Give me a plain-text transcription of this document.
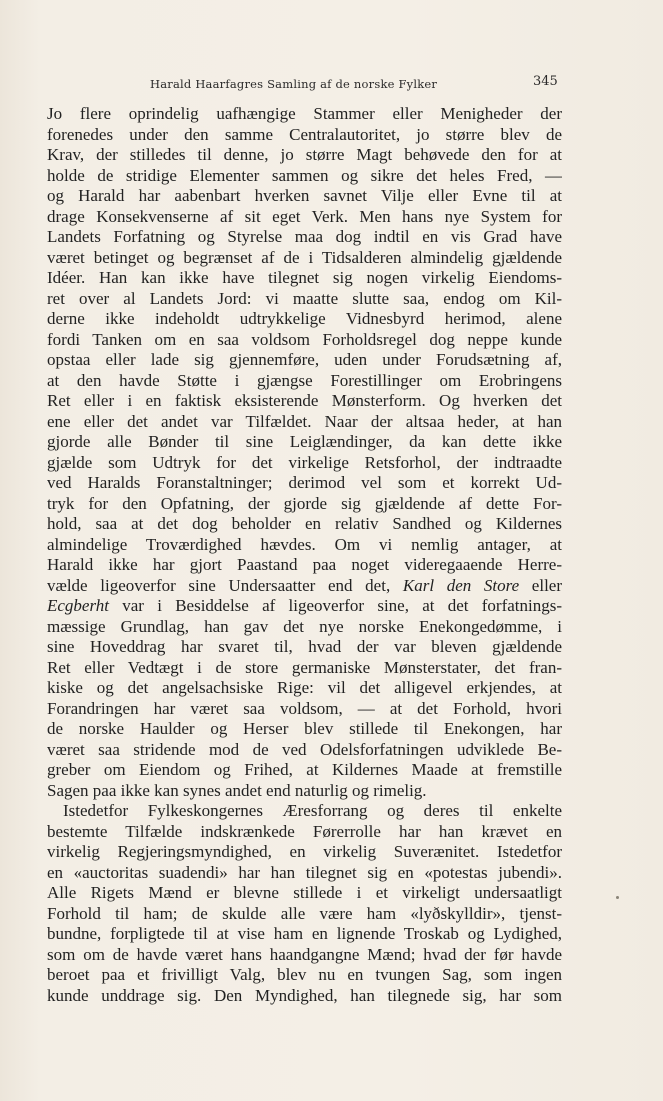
Harald Haarfagres Samling af de norske Fylker	345
Jo flere oprindelig uafhængige Stammer eller Menigheder der
forenedes under den samme Centralautoritet, jo større blev de
Krav, der stilledes til denne, jo større Magt behøvede den for at
holde de stridige Elementer sammen og sikre det heles Fred, —
og Harald har aabenbart hverken savnet Vilje eller Evne til at
drage Konsekvenserne af sit eget Verk. Men hans nye System for
Landets Forfatning og Styrelse maa dog indtil en vis Grad have
været betinget og begrænset af de i Tidsalderen almindelig gjældende
Idéer. Han kan ikke have tilegnet sig nogen virkelig Eiendoms-
ret over al Landets Jord: vi maatte slutte saa, endog om Kil-
derne ikke indeholdt udtrykkelige Vidnesbyrd herimod, alene
fordi Tanken om en saa voldsom Forholdsregel dog neppe kunde
opstaa eller lade sig gjennemføre, uden under Forudsætning af,
at den havde Støtte i gjængse Forestillinger om Erobringens
Ret eller i en faktisk eksisterende Mønsterform. Og hverken det
ene eller det andet var Tilfældet. Naar der altsaa heder, at han
gjorde alle Bønder til sine Leiglændinger, da kan dette ikke
gjælde som Udtryk for det virkelige Retsforhol, der indtraadte
ved Haralds Foranstaltninger; derimod vel som et korrekt Ud-
tryk for den Opfatning, der gjorde sig gjældende af dette For-
hold, saa at det dog beholder en relativ Sandhed og Kildernes
almindelige Troværdighed hævdes. Om vi nemlig antager, at
Harald ikke har gjort Paastand paa noget videregaaende Herre-
vælde ligeoverfor sine Undersaatter end det, Karl den Store eller
Ecgberht var i Besiddelse af ligeoverfor sine, at det forfatnings-
mæssige Grundlag, han gav det nye norske Enekongedømme, i
sine Hoveddrag har svaret til, hvad der var bleven gjældende
Ret eller Vedtægt i de store germaniske Mønsterstater, det fran-
kiske og det angelsachsiske Rige: vil det alligevel erkjendes, at
Forandringen har været saa voldsom, — at det Forhold, hvori
de norske Haulder og Herser blev stillede til Enekongen, har
været saa stridende mod de ved Odelsforfatningen udviklede Be-
greber om Eiendom og Frihed, at Kildernes Maade at fremstille
Sagen paa ikke kan synes andet end naturlig og rimelig.
Istedetfor Fylkeskongernes Æresforrang og deres til enkelte
bestemte Tilfælde indskrænkede Førerrolle har han krævet en
virkelig Regjeringsmyndighed, en virkelig Suverænitet. Istedetfor
en «auctoritas suadendi» har han tilegnet sig en «potestas jubendi».
Alle Rigets Mænd er blevne stillede i et virkeligt undersaatligt
Forhold til ham; de skulde alle være ham «lyðskylldir», tjenst-
bundne, forpligtede til at vise ham en lignende Troskab og Lydighed,
som om de havde været hans haandgangne Mænd; hvad der før havde
beroet paa et frivilligt Valg, blev nu en tvungen Sag, som ingen
kunde unddrage sig. Den Myndighed, han tilegnede sig, har som
